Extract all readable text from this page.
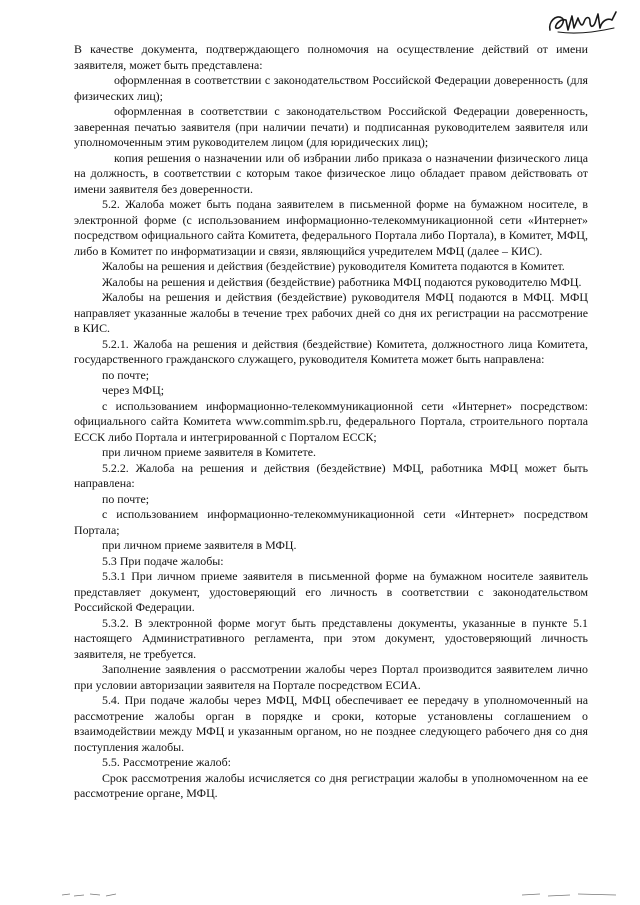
В качестве документа, подтверждающего полномочия на осуществление действий от имени заявителя, может быть представлена:

оформленная в соответствии с законодательством Российской Федерации доверенность (для физических лиц);

оформленная в соответствии с законодательством Российской Федерации доверенность, заверенная печатью заявителя (при наличии печати) и подписанная руководителем заявителя или уполномоченным этим руководителем лицом (для юридических лиц);

копия решения о назначении или об избрании либо приказа о назначении физического лица на должность, в соответствии с которым такое физическое лицо обладает правом действовать от имени заявителя без доверенности.

5.2. Жалоба может быть подана заявителем в письменной форме на бумажном носителе, в электронной форме (с использованием информационно-телекоммуникационной сети «Интернет» посредством официального сайта Комитета, федерального Портала либо Портала), в Комитет, МФЦ, либо в Комитет по информатизации и связи, являющийся учредителем МФЦ (далее – КИС).

Жалобы на решения и действия (бездействие) руководителя Комитета подаются в Комитет.

Жалобы на решения и действия (бездействие) работника МФЦ подаются руководителю МФЦ.

Жалобы на решения и действия (бездействие) руководителя МФЦ подаются в МФЦ. МФЦ направляет указанные жалобы в течение трех рабочих дней со дня их регистрации на рассмотрение в КИС.

5.2.1. Жалоба на решения и действия (бездействие) Комитета, должностного лица Комитета, государственного гражданского служащего, руководителя Комитета может быть направлена:

по почте;

через МФЦ;

с использованием информационно-телекоммуникационной сети «Интернет» посредством: официального сайта Комитета www.commim.spb.ru, федерального Портала, строительного портала ЕССК либо Портала и интегрированной с Порталом ЕССК;

при личном приеме заявителя в Комитете.

5.2.2. Жалоба на решения и действия (бездействие) МФЦ, работника МФЦ может быть направлена:

по почте;

с использованием информационно-телекоммуникационной сети «Интернет» посредством Портала;

при личном приеме заявителя в МФЦ.

5.3 При подаче жалобы:

5.3.1 При личном приеме заявителя в письменной форме на бумажном носителе заявитель представляет документ, удостоверяющий его личность в соответствии с законодательством Российской Федерации.

5.3.2. В электронной форме могут быть представлены документы, указанные в пункте 5.1 настоящего Административного регламента, при этом документ, удостоверяющий личность заявителя, не требуется.

Заполнение заявления о рассмотрении жалобы через Портал производится заявителем лично при условии авторизации заявителя на Портале посредством ЕСИА.

5.4. При подаче жалобы через МФЦ, МФЦ обеспечивает ее передачу в уполномоченный на рассмотрение жалобы орган в порядке и сроки, которые установлены соглашением о взаимодействии между МФЦ и указанным органом, но не позднее следующего рабочего дня со дня поступления жалобы.

5.5. Рассмотрение жалоб:

Срок рассмотрения жалобы исчисляется со дня регистрации жалобы в уполномоченном на ее рассмотрение органе, МФЦ.
